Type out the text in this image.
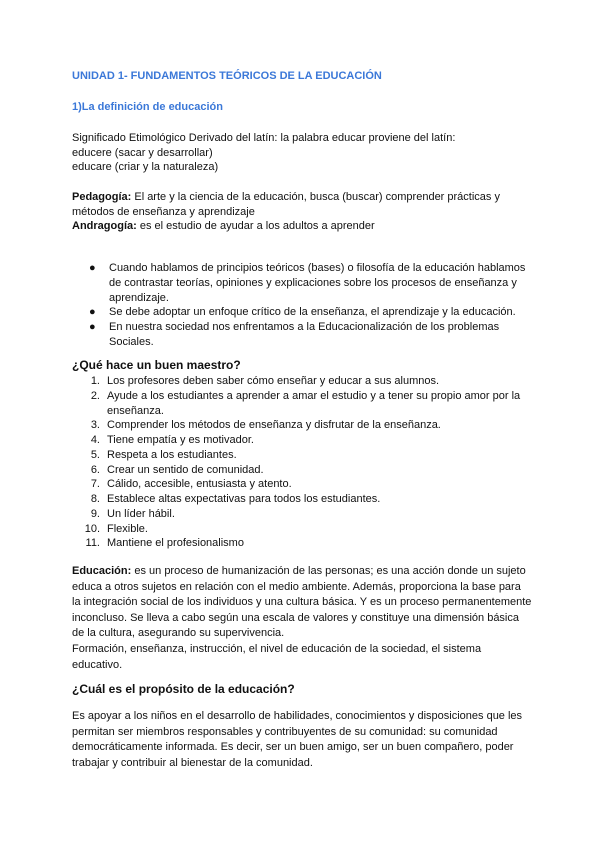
UNIDAD 1- FUNDAMENTOS TEÓRICOS DE LA EDUCACIÓN
1)La definición de educación

Significado Etimológico Derivado del latín: la palabra educar proviene del latín:

educere (sacar y desarrollar)

educare (criar y la naturaleza)

Pedagogía: El arte y la ciencia de la educación, busca (buscar) comprender prácticas y métodos de enseñanza y aprendizaje

Andragogía: es el estudio de ayudar a los adultos a aprender

● Cuando hablamos de principios teóricos (bases) o filosofía de la educación hablamos de contrastar teorías, opiniones y explicaciones sobre los procesos de enseñanza y aprendizaje.
● Se debe adoptar un enfoque crítico de la enseñanza, el aprendizaje y la educación.
● En nuestra sociedad nos enfrentamos a la Educacionalización de los problemas Sociales.
¿Qué hace un buen maestro?
1. Los profesores deben saber cómo enseñar y educar a sus alumnos.
2. Ayude a los estudiantes a aprender a amar el estudio y a tener su propio amor por la enseñanza.
3. Comprender los métodos de enseñanza y disfrutar de la enseñanza.
4. Tiene empatía y es motivador.
5. Respeta a los estudiantes.
6. Crear un sentido de comunidad.
7. Cálido, accesible, entusiasta y atento.
8. Establece altas expectativas para todos los estudiantes.
9. Un líder hábil.
10. Flexible.
11. Mantiene el profesionalismo

Educación: es un proceso de humanización de las personas; es una acción donde un sujeto educa a otros sujetos en relación con el medio ambiente. Además, proporciona la base para la integración social de los individuos y una cultura básica. Y es un proceso permanentemente inconcluso. Se lleva a cabo según una escala de valores y constituye una dimensión básica de la cultura, asegurando su supervivencia.

Formación, enseñanza, instrucción, el nivel de educación de la sociedad, el sistema educativo.

¿Cuál es el propósito de la educación?

Es apoyar a los niños en el desarrollo de habilidades, conocimientos y disposiciones que les permitan ser miembros responsables y contribuyentes de su comunidad: su comunidad democráticamente informada. Es decir, ser un buen amigo, ser un buen compañero, poder trabajar y contribuir al bienestar de la comunidad.
